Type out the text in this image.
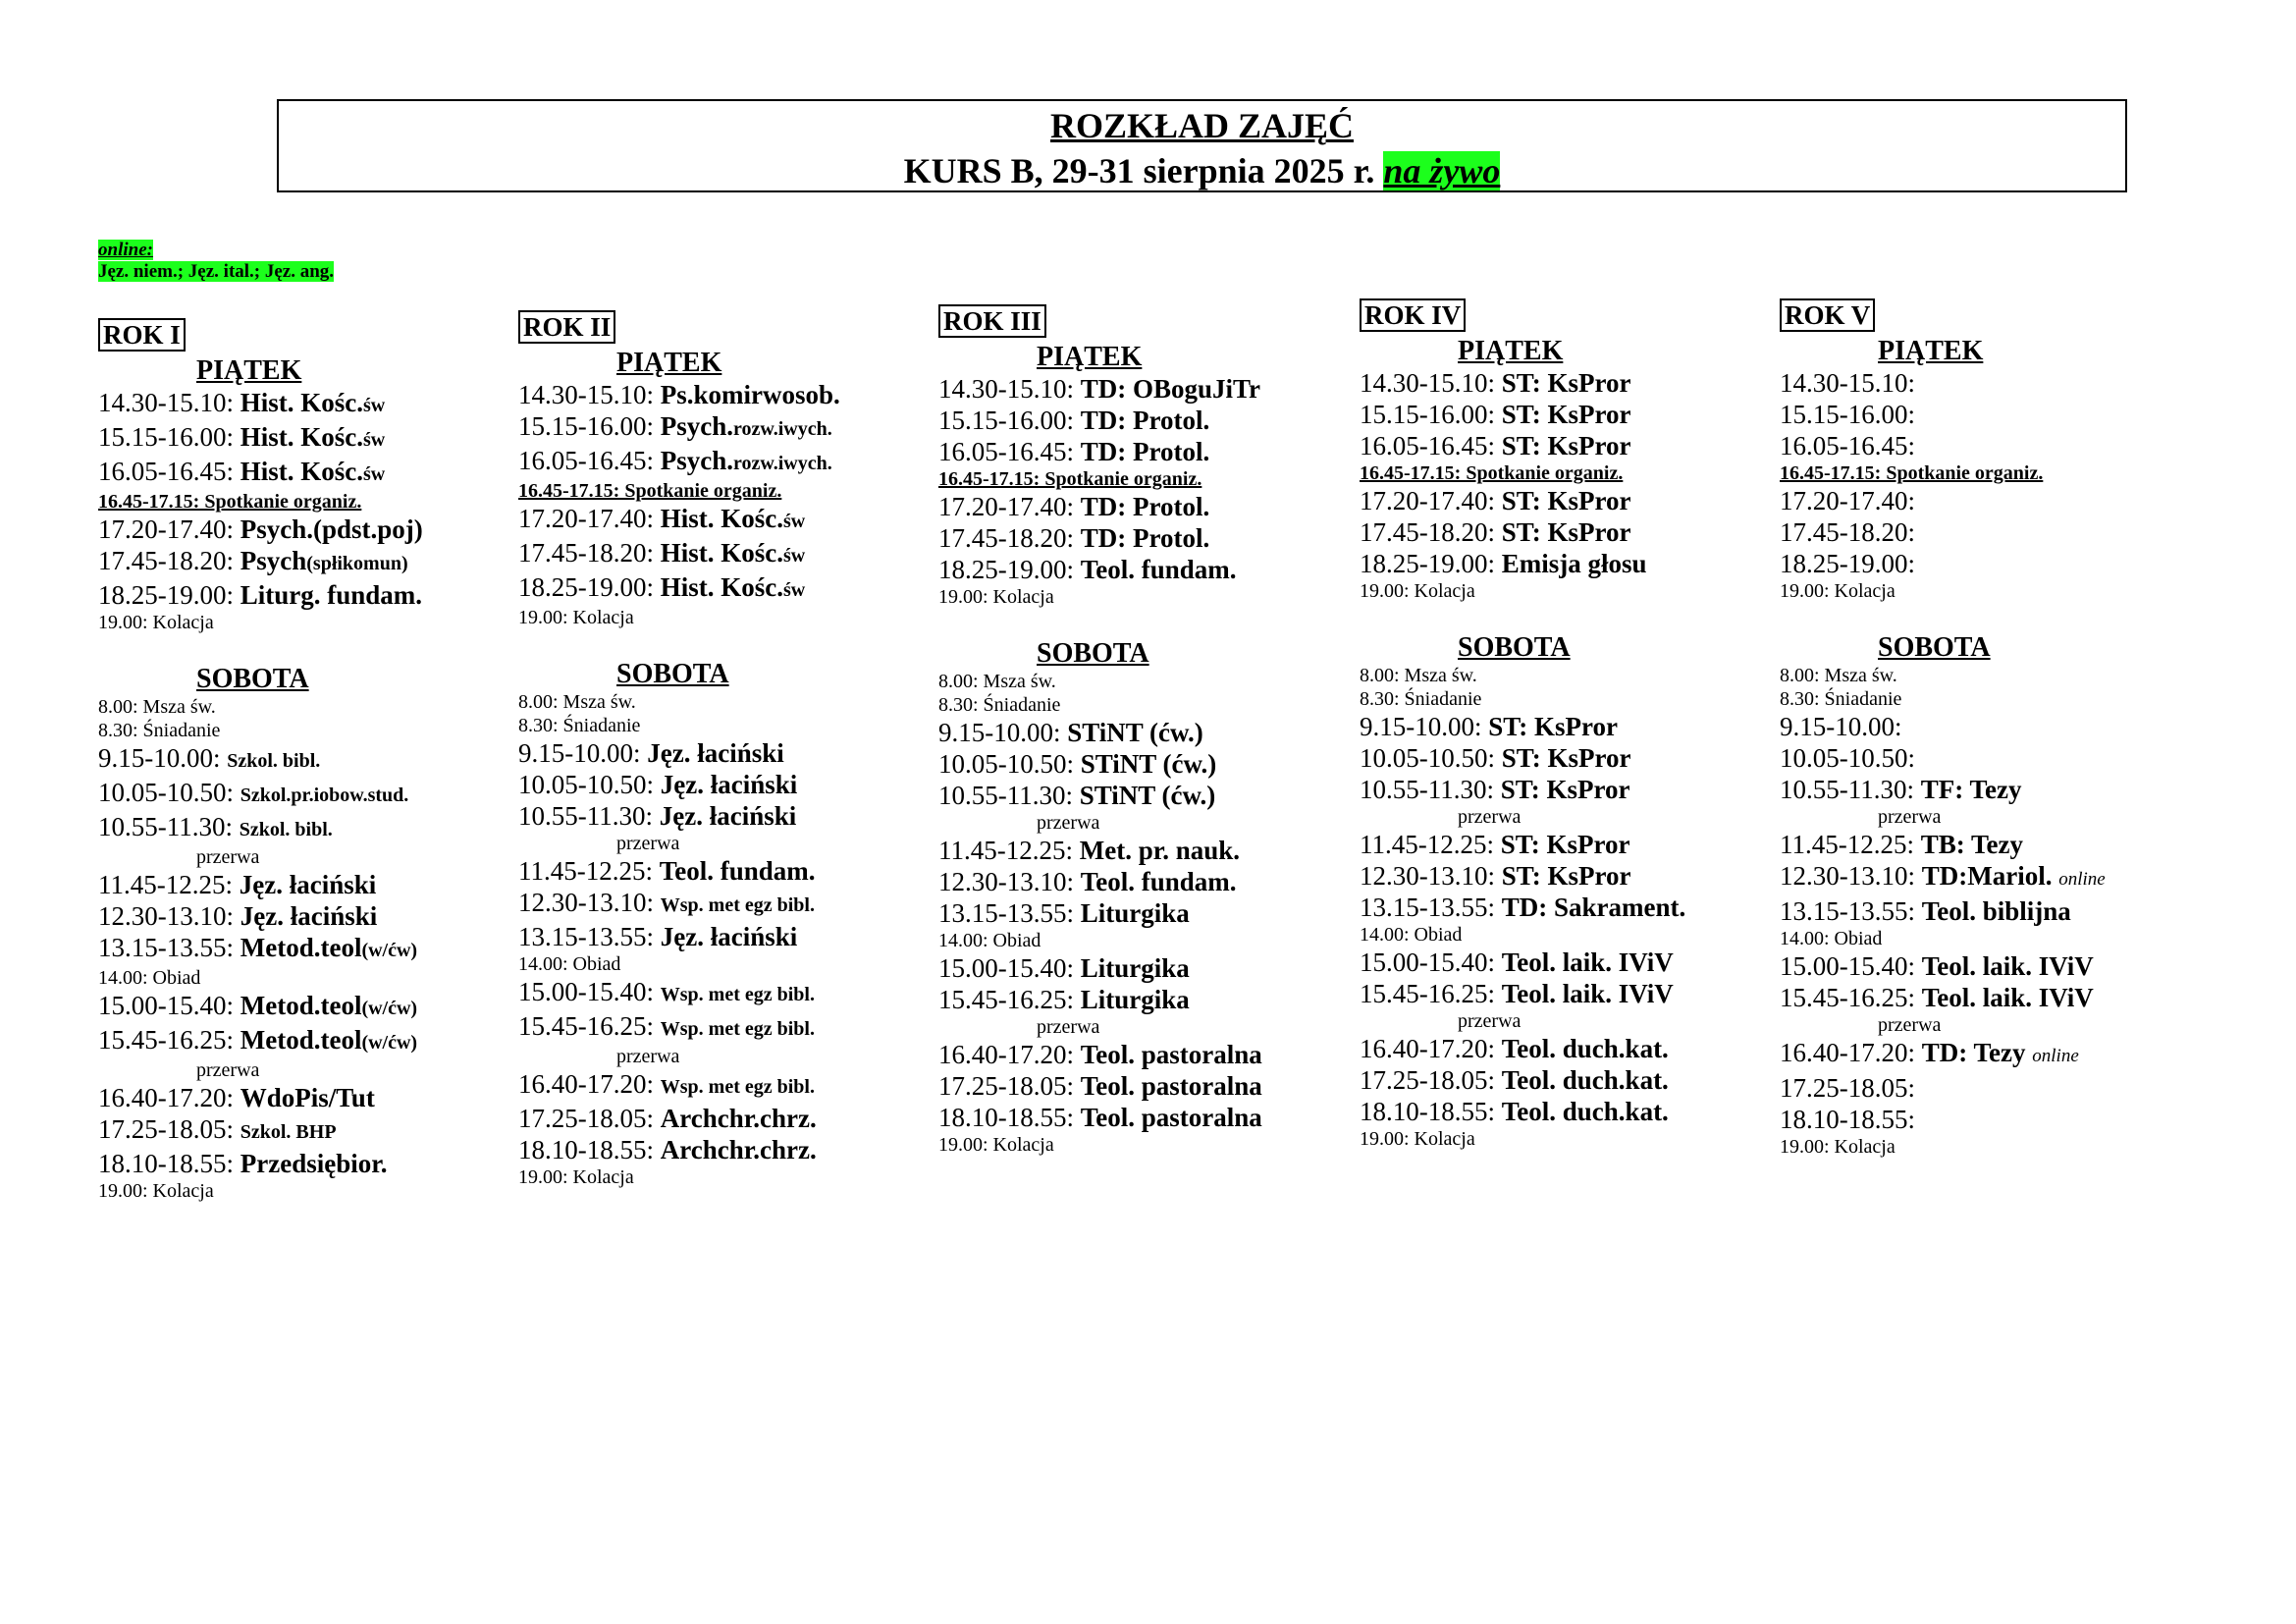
ROZKŁAD ZAJĘĆ
KURS B, 29-31 sierpnia 2025 r. na żywo
online:
Jęz. niem.; Jęz. ital.; Jęz. ang.
ROK I
PIĄTEK
14.30-15.10: Hist. Kośc.św
15.15-16.00: Hist. Kośc.św
16.05-16.45: Hist. Kośc.św
16.45-17.15: Spotkanie organiz.
17.20-17.40: Psych.(pdst.poj)
17.45-18.20: Psych(spłikomun)
18.25-19.00: Liturg. fundam.
19.00: Kolacja
SOBOTA
8.00: Msza św.
8.30: Śniadanie
9.15-10.00: Szkol. bibl.
10.05-10.50: Szkol.pr.iobow.stud.
10.55-11.30: Szkol. bibl.
przerwa
11.45-12.25: Jęz. łaciński
12.30-13.10: Jęz. łaciński
13.15-13.55: Metod.teol(w/ćw)
14.00: Obiad
15.00-15.40: Metod.teol(w/ćw)
15.45-16.25: Metod.teol(w/ćw)
przerwa
16.40-17.20: WdoPis/Tut
17.25-18.05: Szkol. BHP
18.10-18.55: Przedsiębior.
19.00: Kolacja
ROK II
PIĄTEK
14.30-15.10: Ps.komirwosob.
15.15-16.00: Psych.rozw.iwych.
16.05-16.45: Psych.rozw.iwych.
16.45-17.15: Spotkanie organiz.
17.20-17.40: Hist. Kośc.św
17.45-18.20: Hist. Kośc.św
18.25-19.00: Hist. Kośc.św
19.00: Kolacja
SOBOTA
8.00: Msza św.
8.30: Śniadanie
9.15-10.00: Jęz. łaciński
10.05-10.50: Jęz. łaciński
10.55-11.30: Jęz. łaciński
przerwa
11.45-12.25: Teol. fundam.
12.30-13.10: Wsp. met egz bibl.
13.15-13.55: Jęz. łaciński
14.00: Obiad
15.00-15.40: Wsp. met egz bibl.
15.45-16.25: Wsp. met egz bibl.
przerwa
16.40-17.20: Wsp. met egz bibl.
17.25-18.05: Archchr.chrz.
18.10-18.55: Archchr.chrz.
19.00: Kolacja
ROK III
PIĄTEK
14.30-15.10: TD: OBoguJiTr
15.15-16.00: TD: Protol.
16.05-16.45: TD: Protol.
16.45-17.15: Spotkanie organiz.
17.20-17.40: TD: Protol.
17.45-18.20: TD: Protol.
18.25-19.00: Teol. fundam.
19.00: Kolacja
SOBOTA
8.00: Msza św.
8.30: Śniadanie
9.15-10.00: STiNT (ćw.)
10.05-10.50: STiNT (ćw.)
10.55-11.30: STiNT (ćw.)
przerwa
11.45-12.25: Met. pr. nauk.
12.30-13.10: Teol. fundam.
13.15-13.55: Liturgika
14.00: Obiad
15.00-15.40: Liturgika
15.45-16.25: Liturgika
przerwa
16.40-17.20: Teol. pastoralna
17.25-18.05: Teol. pastoralna
18.10-18.55: Teol. pastoralna
19.00: Kolacja
ROK IV
PIĄTEK
14.30-15.10: ST: KsPror
15.15-16.00: ST: KsPror
16.05-16.45: ST: KsPror
16.45-17.15: Spotkanie organiz.
17.20-17.40: ST: KsPror
17.45-18.20: ST: KsPror
18.25-19.00: Emisja głosu
19.00: Kolacja
SOBOTA
8.00: Msza św.
8.30: Śniadanie
9.15-10.00: ST: KsPror
10.05-10.50: ST: KsPror
10.55-11.30: ST: KsPror
przerwa
11.45-12.25: ST: KsPror
12.30-13.10: ST: KsPror
13.15-13.55: TD: Sakrament.
14.00: Obiad
15.00-15.40: Teol. laik. IViV
15.45-16.25: Teol. laik. IViV
przerwa
16.40-17.20: Teol. duch.kat.
17.25-18.05: Teol. duch.kat.
18.10-18.55: Teol. duch.kat.
19.00: Kolacja
ROK V
PIĄTEK
14.30-15.10:
15.15-16.00:
16.05-16.45:
16.45-17.15: Spotkanie organiz.
17.20-17.40:
17.45-18.20:
18.25-19.00:
19.00: Kolacja
SOBOTA
8.00: Msza św.
8.30: Śniadanie
9.15-10.00:
10.05-10.50:
10.55-11.30: TF: Tezy
przerwa
11.45-12.25: TB: Tezy
12.30-13.10: TD:Mariol. online
13.15-13.55: Teol. biblijna
14.00: Obiad
15.00-15.40: Teol. laik. IViV
15.45-16.25: Teol. laik. IViV
przerwa
16.40-17.20: TD: Tezy online
17.25-18.05:
18.10-18.55:
19.00: Kolacja
